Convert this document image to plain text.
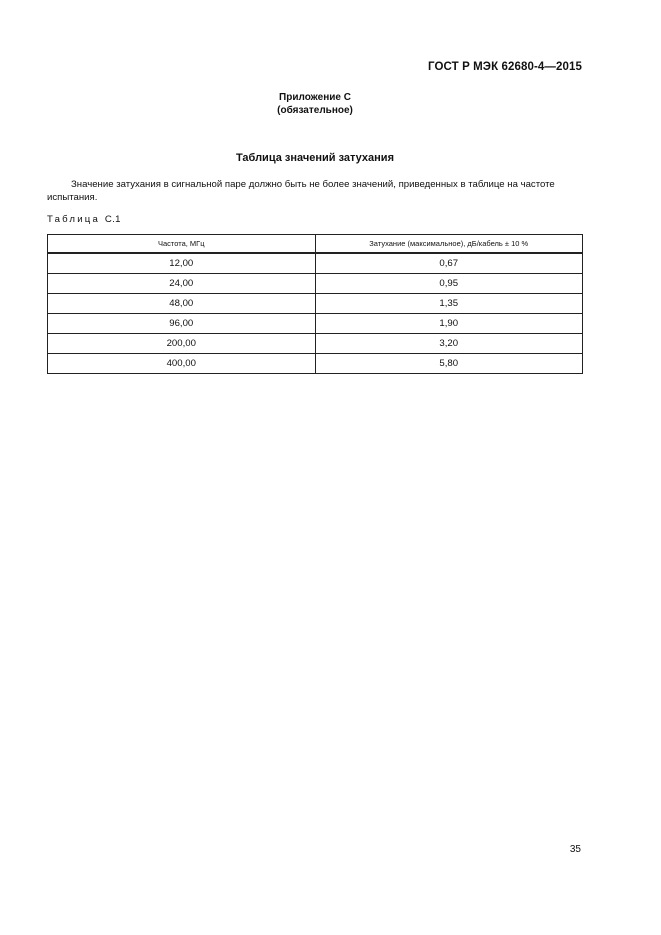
ГОСТ Р МЭК 62680-4—2015
Приложение С
(обязательное)
Таблица значений затухания

Значение затухания в сигнальной паре должно быть не более значений, приведенных в таблице на частоте испытания.

Таблица С.1
Частота, МГц	Затухание (максимальное), дБ/кабель ± 10 %
12,00	0,67
24,00	0,95
48,00	1,35
96,00	1,90
200,00	3,20
400,00	5,80
35
